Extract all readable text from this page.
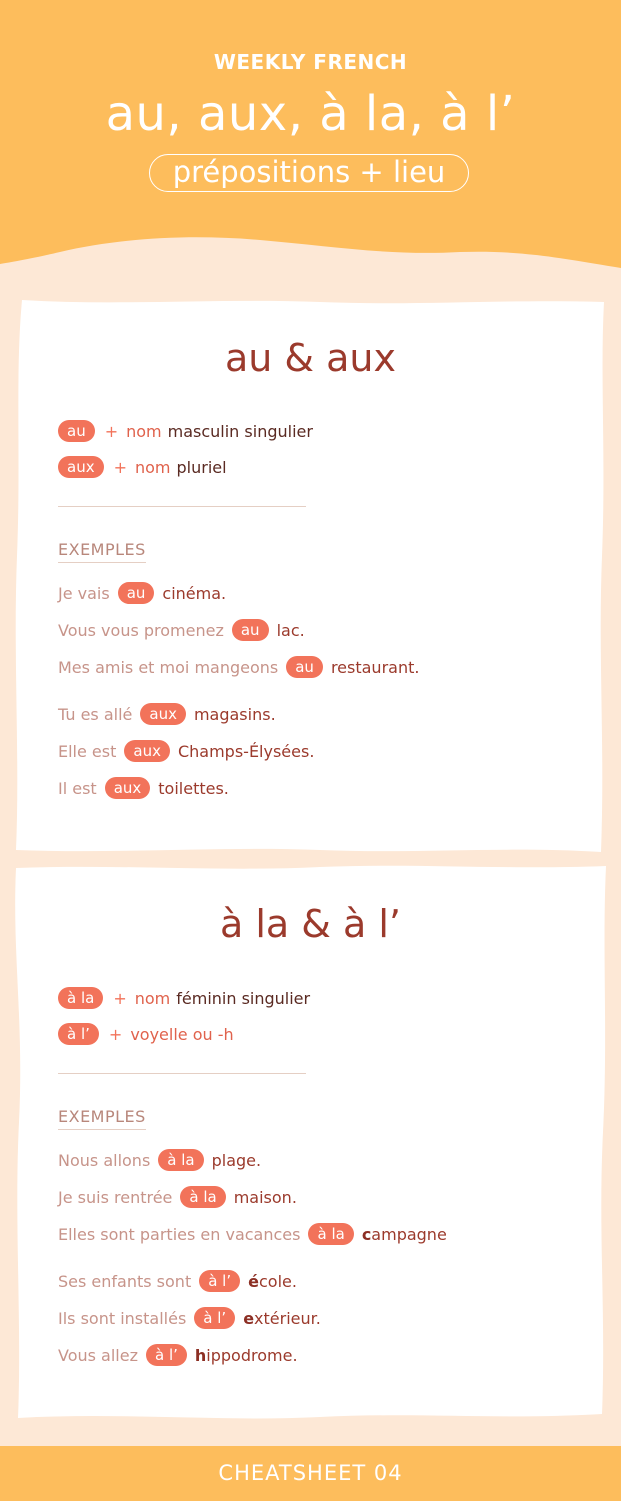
WEEKLY FRENCH
au, aux, à la, à l’
prépositions + lieu
au & aux
au	+ nom masculin singulier
aux	+ nom pluriel
EXEMPLES
Je vais	au	cinéma.
Vous vous promenez	au	lac.
Mes amis et moi mangeons	au	restaurant.
Tu es allé	aux	magasins.
Elle est	aux	Champs-Élysées.
Il est	aux	toilettes.
à la & à l’
à la	+ nom féminin singulier
à l’	+ voyelle ou -h
EXEMPLES
Nous allons	à la	plage.
Je suis rentrée	à la	maison.
Elles sont parties en vacances	à la	campagne
Ses enfants sont	à l’	école.
Ils sont installés	à l’	extérieur.
Vous allez	à l’	hippodrome.
CHEATSHEET 04
